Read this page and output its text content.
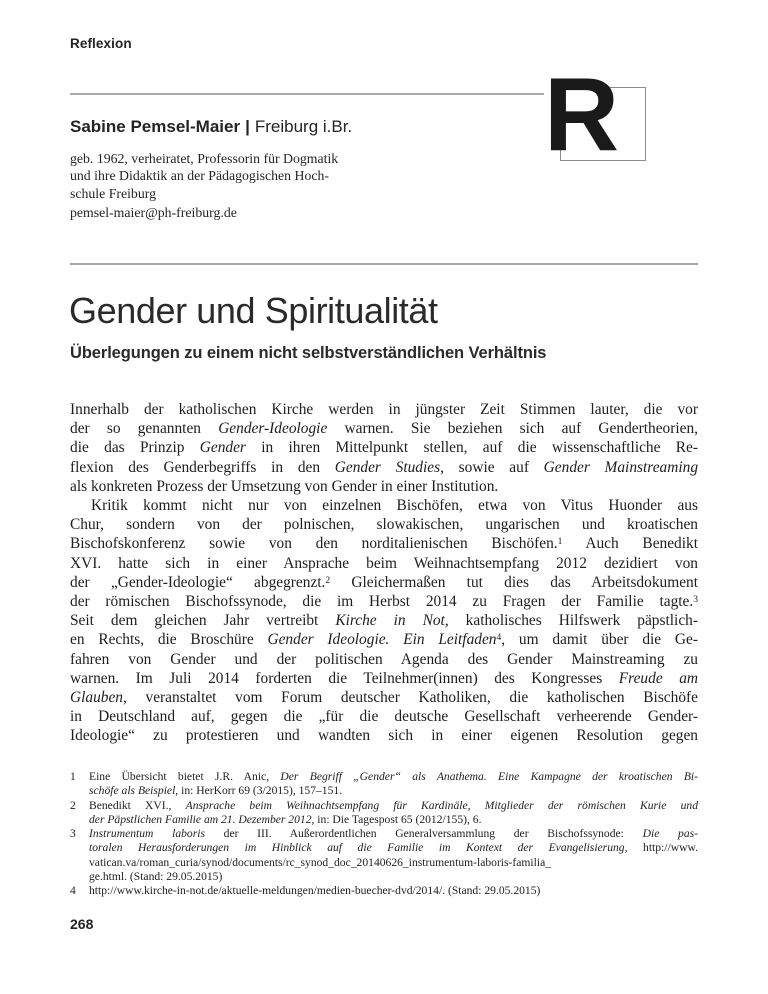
Reflexion
R
Sabine Pemsel-Maier | Freiburg i.Br.
geb. 1962, verheiratet, Professorin für Dogmatik
und ihre Didaktik an der Pädagogischen Hoch-
schule Freiburg
pemsel-maier@ph-freiburg.de
Gender und Spiritualität
Überlegungen zu einem nicht selbstverständlichen Verhältnis
Innerhalb der katholischen Kirche werden in jüngster Zeit Stimmen lauter, die vor
der so genannten Gender-Ideologie warnen. Sie beziehen sich auf Gendertheorien,
die das Prinzip Gender in ihren Mittelpunkt stellen, auf die wissenschaftliche Re-
flexion des Genderbegriffs in den Gender Studies, sowie auf Gender Mainstreaming
als konkreten Prozess der Umsetzung von Gender in einer Institution.
Kritik kommt nicht nur von einzelnen Bischöfen, etwa von Vitus Huonder aus
Chur, sondern von der polnischen, slowakischen, ungarischen und kroatischen
Bischofskonferenz sowie von den norditalienischen Bischöfen.$^1$ Auch Benedikt
XVI. hatte sich in einer Ansprache beim Weihnachtsempfang 2012 dezidiert von
der „Gender-Ideologie“ abgegrenzt.$^2$ Gleichermaßen tut dies das Arbeitsdokument
der römischen Bischofssynode, die im Herbst 2014 zu Fragen der Familie tagte.$^3$
Seit dem gleichen Jahr vertreibt Kirche in Not, katholisches Hilfswerk päpstlich-
en Rechts, die Broschüre Gender Ideologie. Ein Leitfaden$^4$, um damit über die Ge-
fahren von Gender und der politischen Agenda des Gender Mainstreaming zu
warnen. Im Juli 2014 forderten die Teilnehmer(innen) des Kongresses Freude am
Glauben, veranstaltet vom Forum deutscher Katholiken, die katholischen Bischöfe
in Deutschland auf, gegen die „für die deutsche Gesellschaft verheerende Gender-
Ideologie“ zu protestieren und wandten sich in einer eigenen Resolution gegen
1	Eine Übersicht bietet J.R. Anic, Der Begriff „Gender“ als Anathema. Eine Kampagne der kroatischen Bi-
schöfe als Beispiel, in: HerKorr 69 (3/2015), 157–151.
2	Benedikt XVI., Ansprache beim Weihnachtsempfang für Kardinäle, Mitglieder der römischen Kurie und
der Päpstlichen Familie am 21. Dezember 2012, in: Die Tagespost 65 (2012/155), 6.
3	Instrumentum laboris der III. Außerordentlichen Generalversammlung der Bischofssynode: Die pas-
toralen Herausforderungen im Hinblick auf die Familie im Kontext der Evangelisierung, http://www.
vatican.va/roman_curia/synod/documents/rc_synod_doc_20140626_instrumentum-laboris-familia_
ge.html. (Stand: 29.05.2015)
4	http://www.kirche-in-not.de/aktuelle-meldungen/medien-buecher-dvd/2014/. (Stand: 29.05.2015)
268
